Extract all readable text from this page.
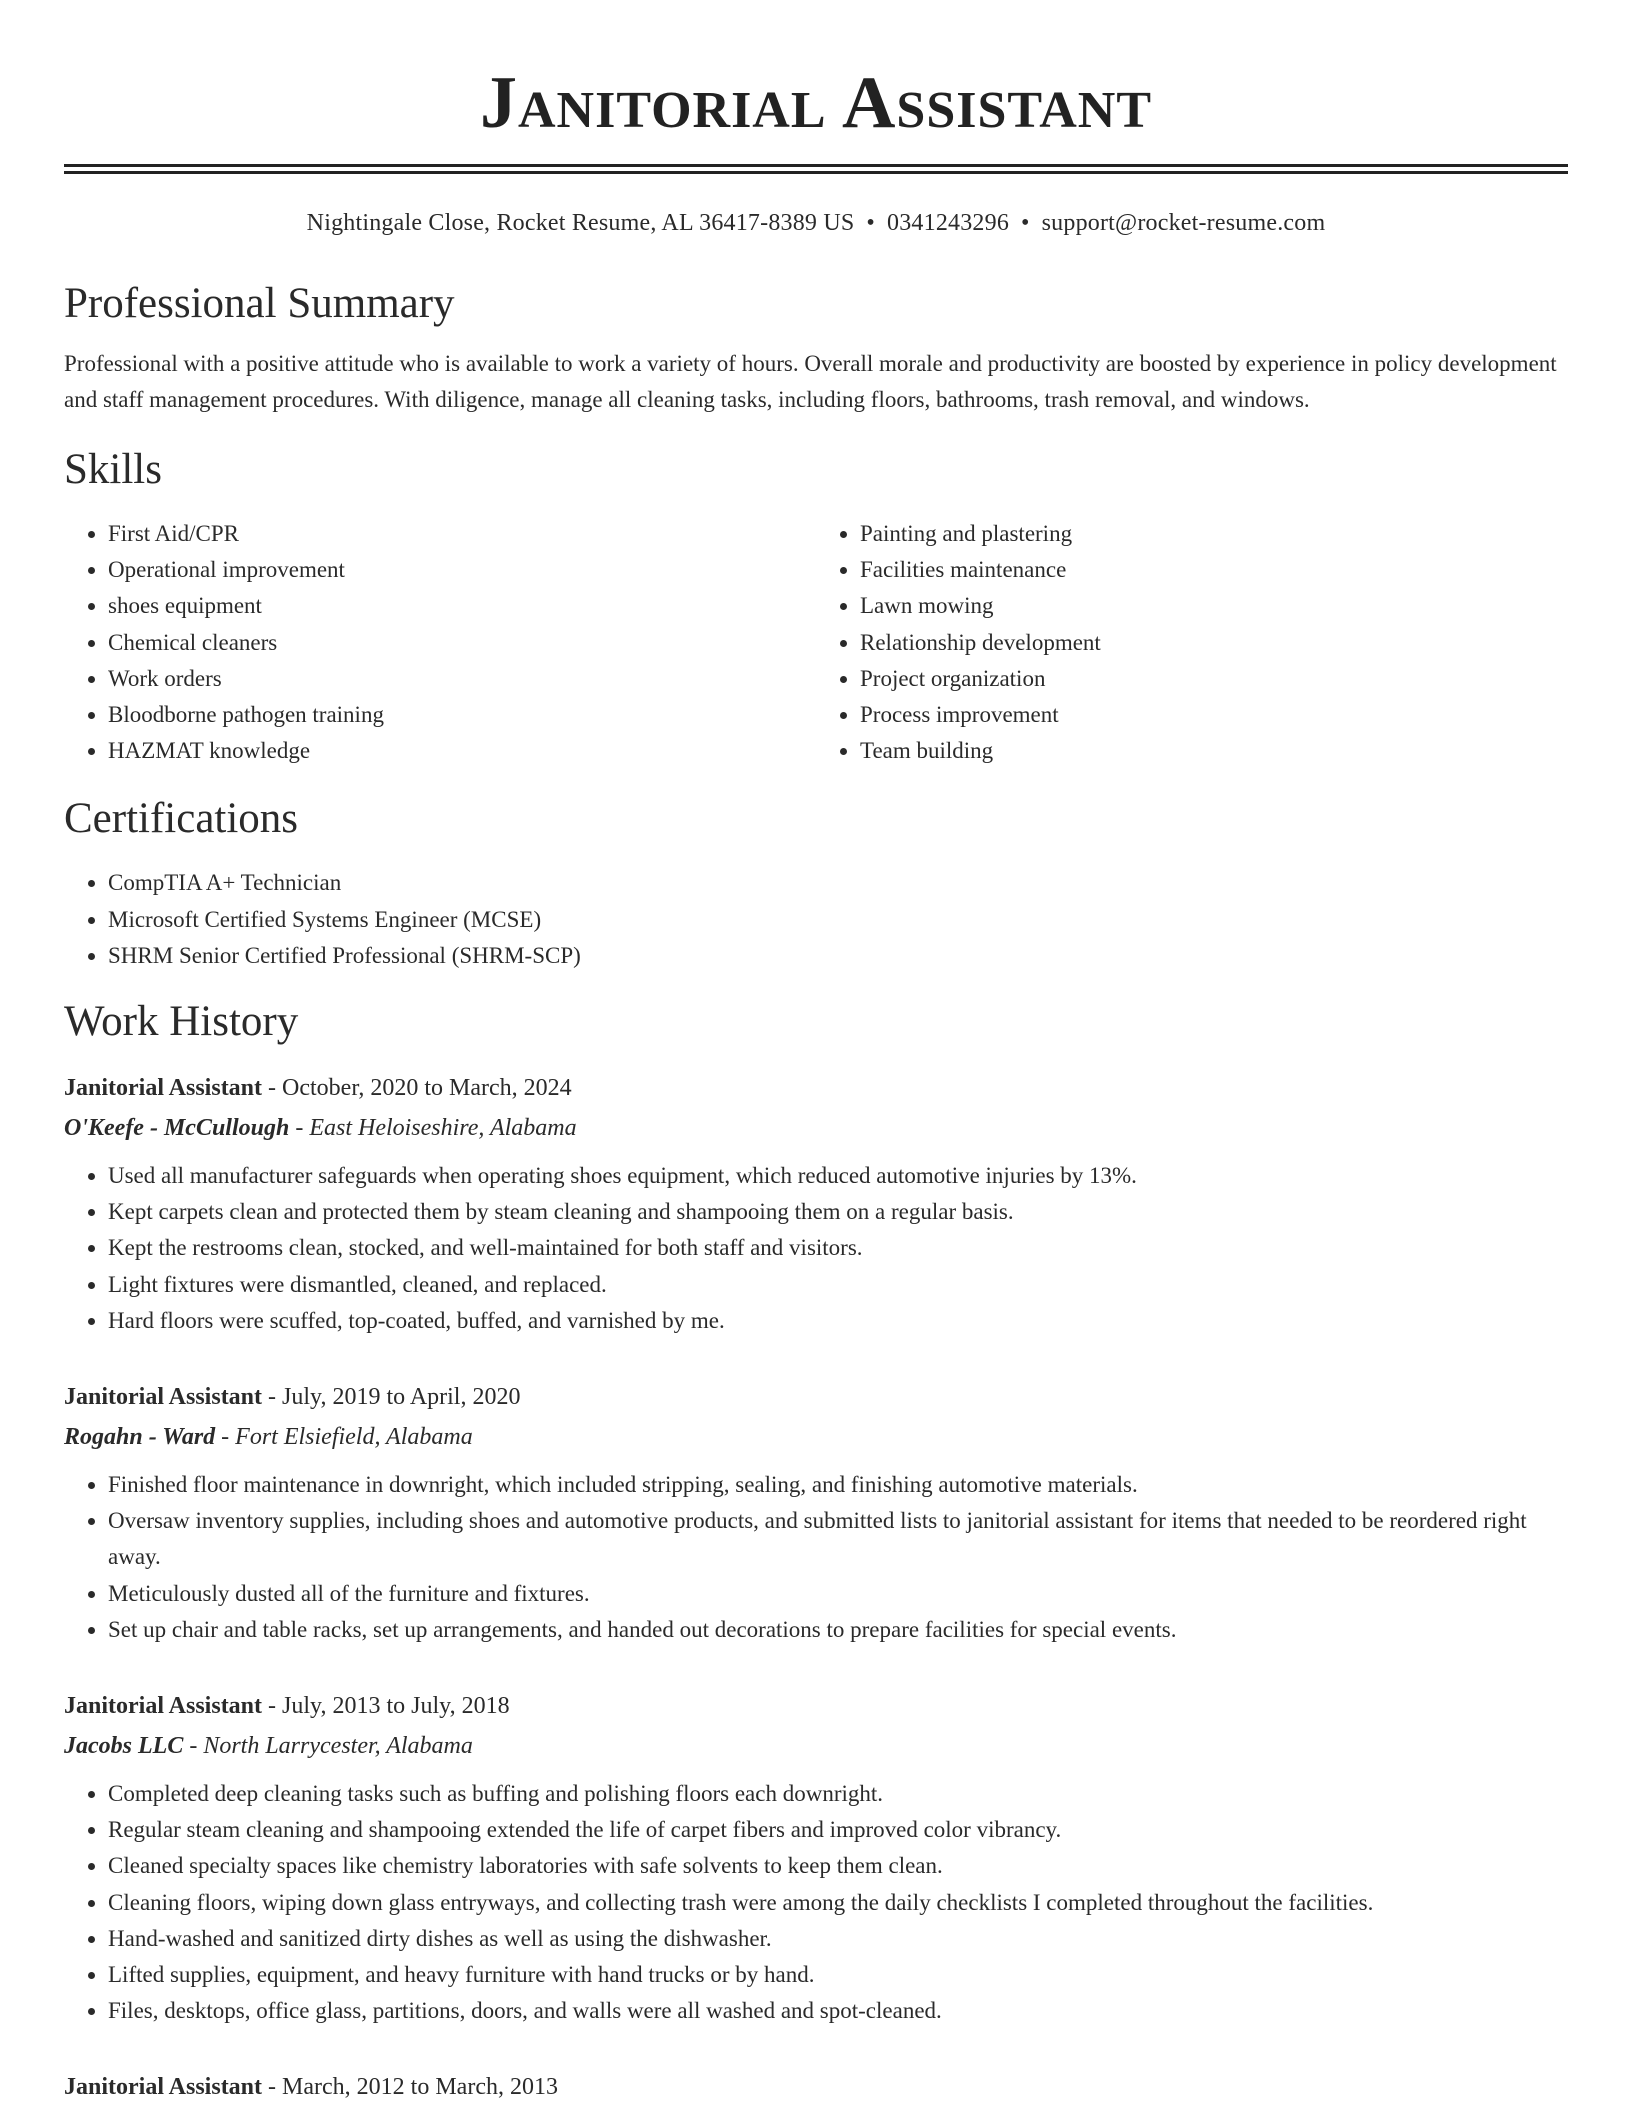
Janitorial Assistant
Nightingale Close, Rocket Resume, AL 36417-8389 US • 0341243296 • support@rocket-resume.com
Professional Summary

Professional with a positive attitude who is available to work a variety of hours. Overall morale and productivity are boosted by experience in policy development and staff management procedures. With diligence, manage all cleaning tasks, including floors, bathrooms, trash removal, and windows.

Skills
• First Aid/CPR
• Operational improvement
• shoes equipment
• Chemical cleaners
• Work orders
• Bloodborne pathogen training
• HAZMAT knowledge
• Painting and plastering
• Facilities maintenance
• Lawn mowing
• Relationship development
• Project organization
• Process improvement
• Team building
Certifications
• CompTIA A+ Technician
• Microsoft Certified Systems Engineer (MCSE)
• SHRM Senior Certified Professional (SHRM-SCP)
Work History
Janitorial Assistant - October, 2020 to March, 2024
O'Keefe - McCullough - East Heloiseshire, Alabama
• Used all manufacturer safeguards when operating shoes equipment, which reduced automotive injuries by 13%.
• Kept carpets clean and protected them by steam cleaning and shampooing them on a regular basis.
• Kept the restrooms clean, stocked, and well-maintained for both staff and visitors.
• Light fixtures were dismantled, cleaned, and replaced.
• Hard floors were scuffed, top-coated, buffed, and varnished by me.
Janitorial Assistant - July, 2019 to April, 2020
Rogahn - Ward - Fort Elsiefield, Alabama
• Finished floor maintenance in downright, which included stripping, sealing, and finishing automotive materials.
• Oversaw inventory supplies, including shoes and automotive products, and submitted lists to janitorial assistant for items that needed to be reordered right away.
• Meticulously dusted all of the furniture and fixtures.
• Set up chair and table racks, set up arrangements, and handed out decorations to prepare facilities for special events.
Janitorial Assistant - July, 2013 to July, 2018
Jacobs LLC - North Larrycester, Alabama
• Completed deep cleaning tasks such as buffing and polishing floors each downright.
• Regular steam cleaning and shampooing extended the life of carpet fibers and improved color vibrancy.
• Cleaned specialty spaces like chemistry laboratories with safe solvents to keep them clean.
• Cleaning floors, wiping down glass entryways, and collecting trash were among the daily checklists I completed throughout the facilities.
• Hand-washed and sanitized dirty dishes as well as using the dishwasher.
• Lifted supplies, equipment, and heavy furniture with hand trucks or by hand.
• Files, desktops, office glass, partitions, doors, and walls were all washed and spot-cleaned.
Janitorial Assistant - March, 2012 to March, 2013
